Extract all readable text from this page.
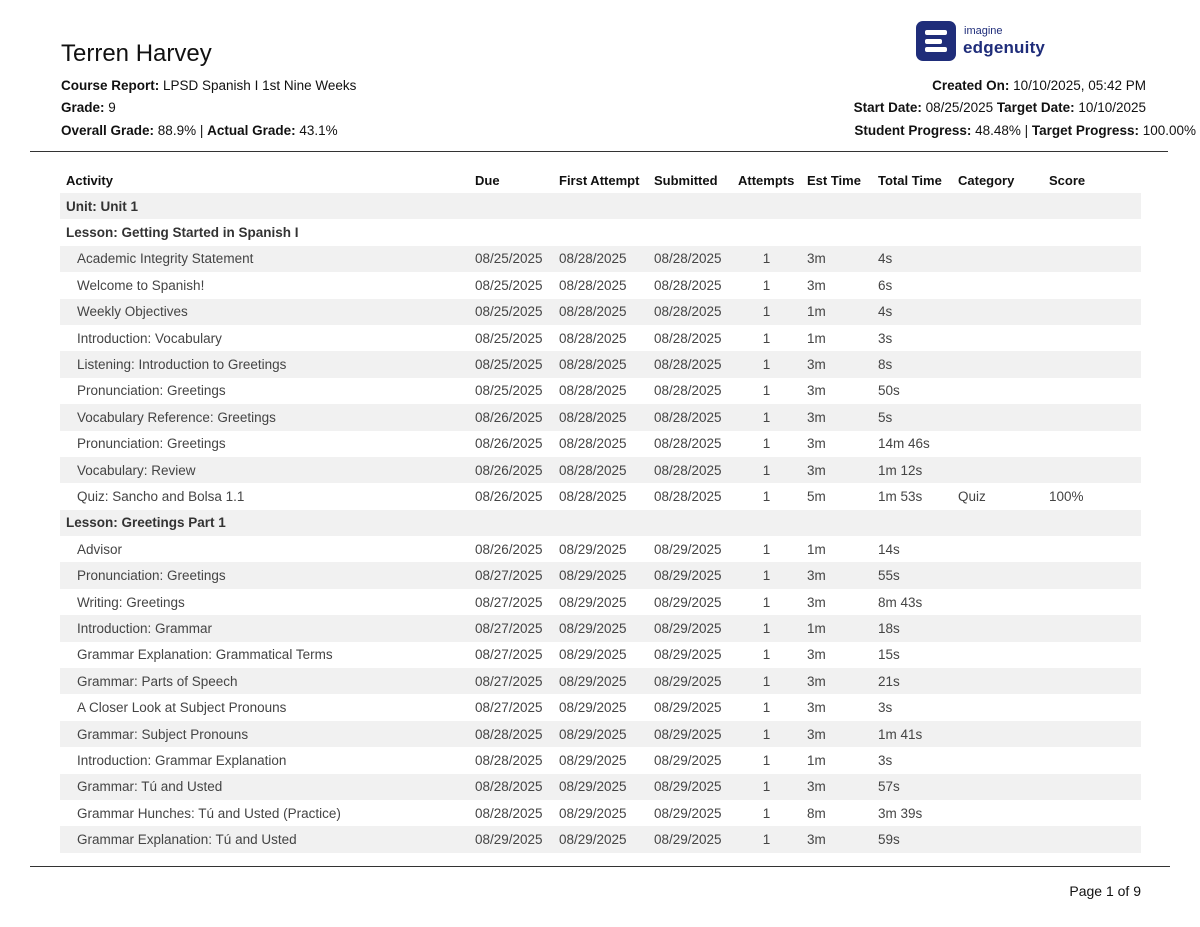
Terren Harvey
Course Report: LPSD Spanish I 1st Nine Weeks
Grade: 9
Overall Grade: 88.9% | Actual Grade: 43.1%
imagine
edgenuity
Created On: 10/10/2025, 05:42 PM
Start Date: 08/25/2025 Target Date: 10/10/2025
Student Progress: 48.48% | Target Progress: 100.00%
Activity	Due	First Attempt	Submitted	Attempts	Est Time	Total Time	Category	Score
Unit: Unit 1								
Lesson: Getting Started in Spanish I								
Academic Integrity Statement	08/25/2025	08/28/2025	08/28/2025	1	3m	4s		
Welcome to Spanish!	08/25/2025	08/28/2025	08/28/2025	1	3m	6s		
Weekly Objectives	08/25/2025	08/28/2025	08/28/2025	1	1m	4s		
Introduction: Vocabulary	08/25/2025	08/28/2025	08/28/2025	1	1m	3s		
Listening: Introduction to Greetings	08/25/2025	08/28/2025	08/28/2025	1	3m	8s		
Pronunciation: Greetings	08/25/2025	08/28/2025	08/28/2025	1	3m	50s		
Vocabulary Reference: Greetings	08/26/2025	08/28/2025	08/28/2025	1	3m	5s		
Pronunciation: Greetings	08/26/2025	08/28/2025	08/28/2025	1	3m	14m 46s		
Vocabulary: Review	08/26/2025	08/28/2025	08/28/2025	1	3m	1m 12s		
Quiz: Sancho and Bolsa 1.1	08/26/2025	08/28/2025	08/28/2025	1	5m	1m 53s	Quiz	100%
Lesson: Greetings Part 1								
Advisor	08/26/2025	08/29/2025	08/29/2025	1	1m	14s		
Pronunciation: Greetings	08/27/2025	08/29/2025	08/29/2025	1	3m	55s		
Writing: Greetings	08/27/2025	08/29/2025	08/29/2025	1	3m	8m 43s		
Introduction: Grammar	08/27/2025	08/29/2025	08/29/2025	1	1m	18s		
Grammar Explanation: Grammatical Terms	08/27/2025	08/29/2025	08/29/2025	1	3m	15s		
Grammar: Parts of Speech	08/27/2025	08/29/2025	08/29/2025	1	3m	21s		
A Closer Look at Subject Pronouns	08/27/2025	08/29/2025	08/29/2025	1	3m	3s		
Grammar: Subject Pronouns	08/28/2025	08/29/2025	08/29/2025	1	3m	1m 41s		
Introduction: Grammar Explanation	08/28/2025	08/29/2025	08/29/2025	1	1m	3s		
Grammar: Tú and Usted	08/28/2025	08/29/2025	08/29/2025	1	3m	57s		
Grammar Hunches: Tú and Usted (Practice)	08/28/2025	08/29/2025	08/29/2025	1	8m	3m 39s		
Grammar Explanation: Tú and Usted	08/29/2025	08/29/2025	08/29/2025	1	3m	59s		
Page 1 of 9
